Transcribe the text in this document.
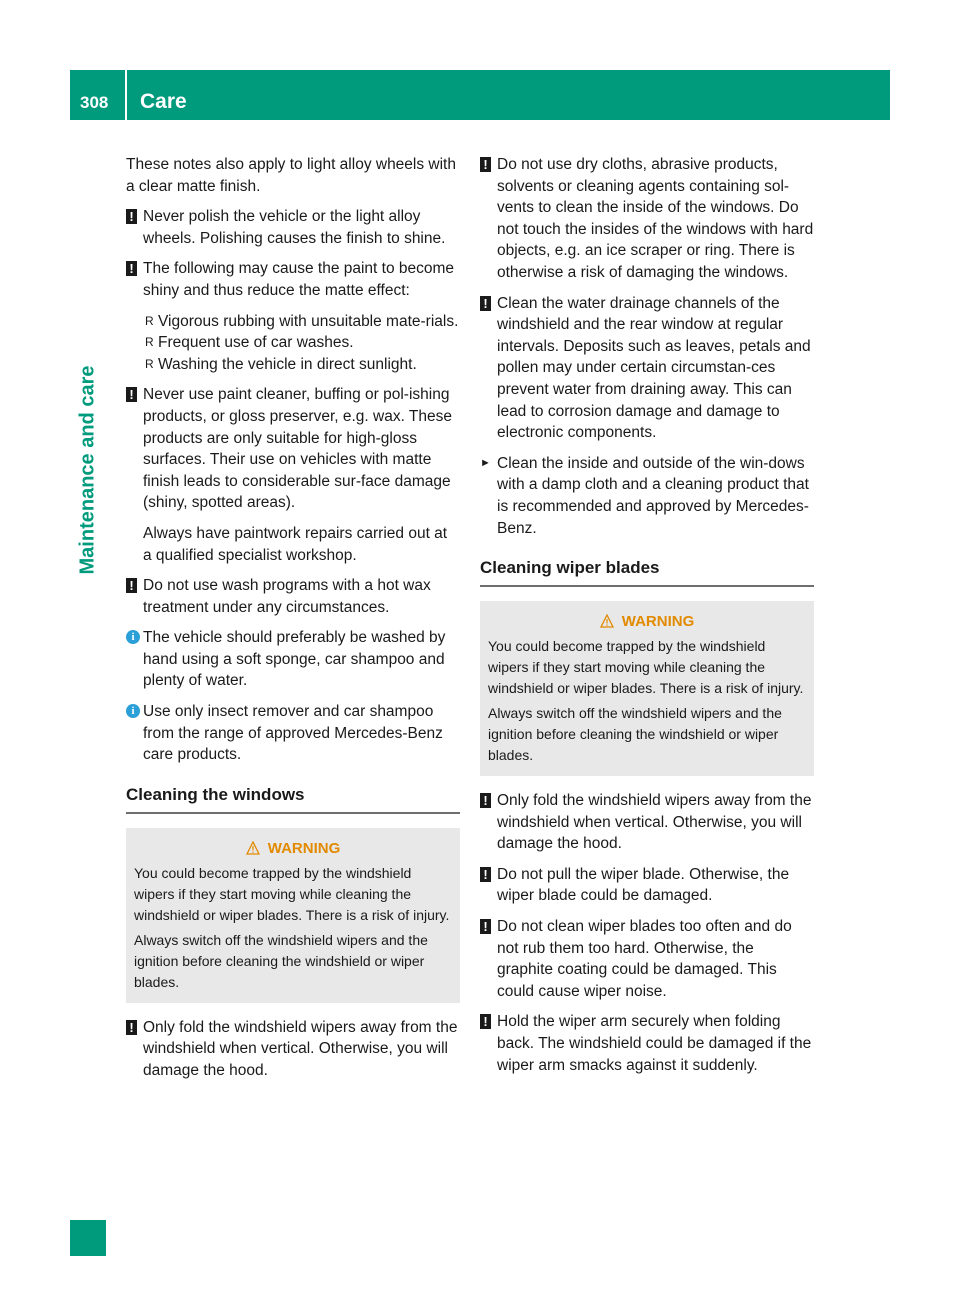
308	Care
Maintenance and care

These notes also apply to light alloy wheels with a clear matte finish.

! Never polish the vehicle or the light alloy wheels. Polishing causes the finish to shine.

! The following may cause the paint to become shiny and thus reduce the matte effect:

R Vigorous rubbing with unsuitable mate-rials.
R Frequent use of car washes.
R Washing the vehicle in direct sunlight.
! Never use paint cleaner, buffing or pol-ishing products, or gloss preserver, e.g. wax. These products are only suitable for high-gloss surfaces. Their use on vehicles with matte finish leads to considerable sur-face damage (shiny, spotted areas).

Always have paintwork repairs carried out at a qualified specialist workshop.

! Do not use wash programs with a hot wax treatment under any circumstances.

i The vehicle should preferably be washed by hand using a soft sponge, car shampoo and plenty of water.

i Use only insect remover and car shampoo from the range of approved Mercedes-Benz care products.

Cleaning the windows
WARNING

You could become trapped by the windshield wipers if they start moving while cleaning the windshield or wiper blades. There is a risk of injury.

Always switch off the windshield wipers and the ignition before cleaning the windshield or wiper blades.

! Only fold the windshield wipers away from the windshield when vertical. Otherwise, you will damage the hood.

! Do not use dry cloths, abrasive products, solvents or cleaning agents containing sol-vents to clean the inside of the windows. Do not touch the insides of the windows with hard objects, e.g. an ice scraper or ring. There is otherwise a risk of damaging the windows.

! Clean the water drainage channels of the windshield and the rear window at regular intervals. Deposits such as leaves, petals and pollen may under certain circumstan-ces prevent water from draining away. This can lead to corrosion damage and damage to electronic components.

► Clean the inside and outside of the win-dows with a damp cloth and a cleaning product that is recommended and approved by Mercedes-Benz.
Cleaning wiper blades
WARNING

You could become trapped by the windshield wipers if they start moving while cleaning the windshield or wiper blades. There is a risk of injury.

Always switch off the windshield wipers and the ignition before cleaning the windshield or wiper blades.

! Only fold the windshield wipers away from the windshield when vertical. Otherwise, you will damage the hood.

! Do not pull the wiper blade. Otherwise, the wiper blade could be damaged.

! Do not clean wiper blades too often and do not rub them too hard. Otherwise, the graphite coating could be damaged. This could cause wiper noise.

! Hold the wiper arm securely when folding back. The windshield could be damaged if the wiper arm smacks against it suddenly.
